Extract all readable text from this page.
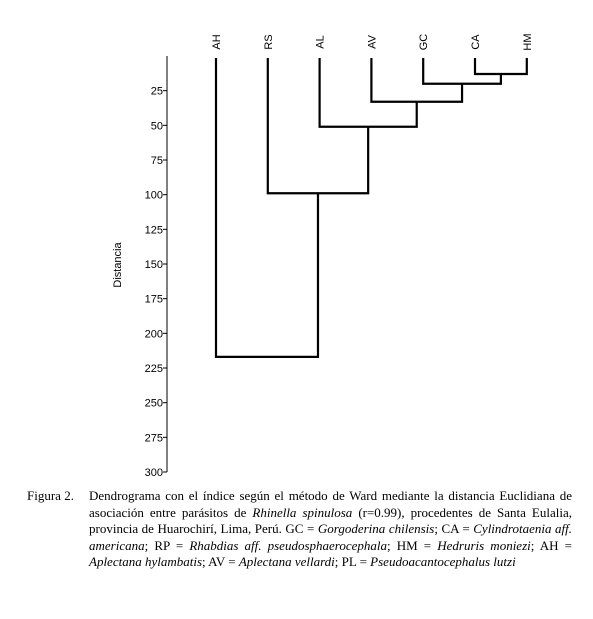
25
50
75
100
125
150
175
200
225
250
275
300
AH	RS	AL	AV	GC	CA	HM
Distancia
Figura 2. Dendrograma con el índice según el método de Ward mediante la distancia Euclidiana de asociación entre parásitos de Rhinella spinulosa (r=0.99), procedentes de Santa Eulalia, provincia de Huarochirí, Lima, Perú. GC = Gorgoderina chilensis; CA = Cylindrotaenia aff. americana; RP = Rhabdias aff. pseudosphaerocephala; HM = Hedruris moniezi; AH = Aplectana hylambatis; AV = Aplectana vellardi; PL = Pseudoacantocephalus lutzi
